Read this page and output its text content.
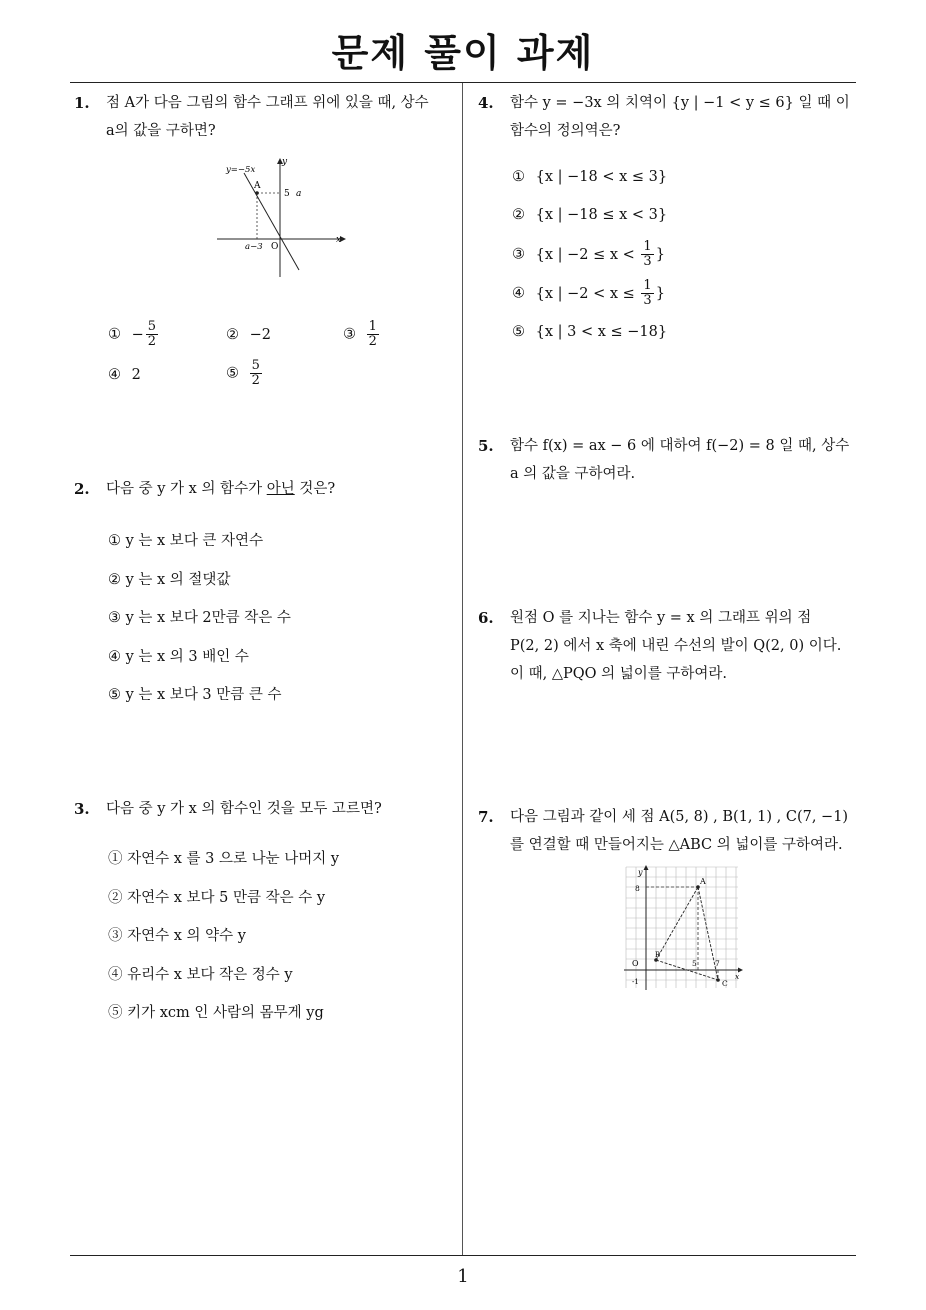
문제 풀이 과제
1
1. 점 A가 다음 그림의 함수 그래프 위에 있을 때, 상수
a의 값을 구하면?
y=−5x
A
5 a
a−3 O
x
y
① − $\frac{5}{2}$	② −2	③ $\frac{1}{2}$
④ 2	⑤ $\frac{5}{2}$
2. 다음 중 y 가 x 의 함수가 아닌 것은?
① y 는 x 보다 큰 자연수
② y 는 x 의 절댓값
③ y 는 x 보다 2만큼 작은 수
④ y 는 x 의 3 배인 수
⑤ y 는 x 보다 3 만큼 큰 수
3. 다음 중 y 가 x 의 함수인 것을 모두 고르면?
① 자연수 x 를 3 으로 나눈 나머지 y
② 자연수 x 보다 5 만큼 작은 수 y
③ 자연수 x 의 약수 y
④ 유리수 x 보다 작은 정수 y
⑤ 키가 xcm 인 사람의 몸무게 yg
4. 함수 y = −3x 의 치역이 {y | −1 < y ≤ 6} 일 때 이
함수의 정의역은?
① {x | −18 < x ≤ 3}
② {x | −18 ≤ x < 3}
③ {x | $-2 \le x < \frac{1}{3}$ }
④ {x | $-2 < x \le \frac{1}{3}$ }
⑤ {x | 3 < x ≤ −18}
5. 함수 f(x) = ax − 6 에 대하여 f(−2) = 8 일 때, 상수
a 의 값을 구하여라.
6. 원점 O 를 지나는 함수 y = x 의 그래프 위의 점
P(2, 2) 에서 x 축에 내린 수선의 발이 Q(2, 0) 이다.
이 때, △PQO 의 넓이를 구하여라.
7. 다음 그림과 같이 세 점 A(5, 8) , B(1, 1) , C(7, −1)
를 연결할 때 만들어지는 △ABC 의 넓이를 구하여라.
A
B
C
O
y
x
8
5 7
-1
